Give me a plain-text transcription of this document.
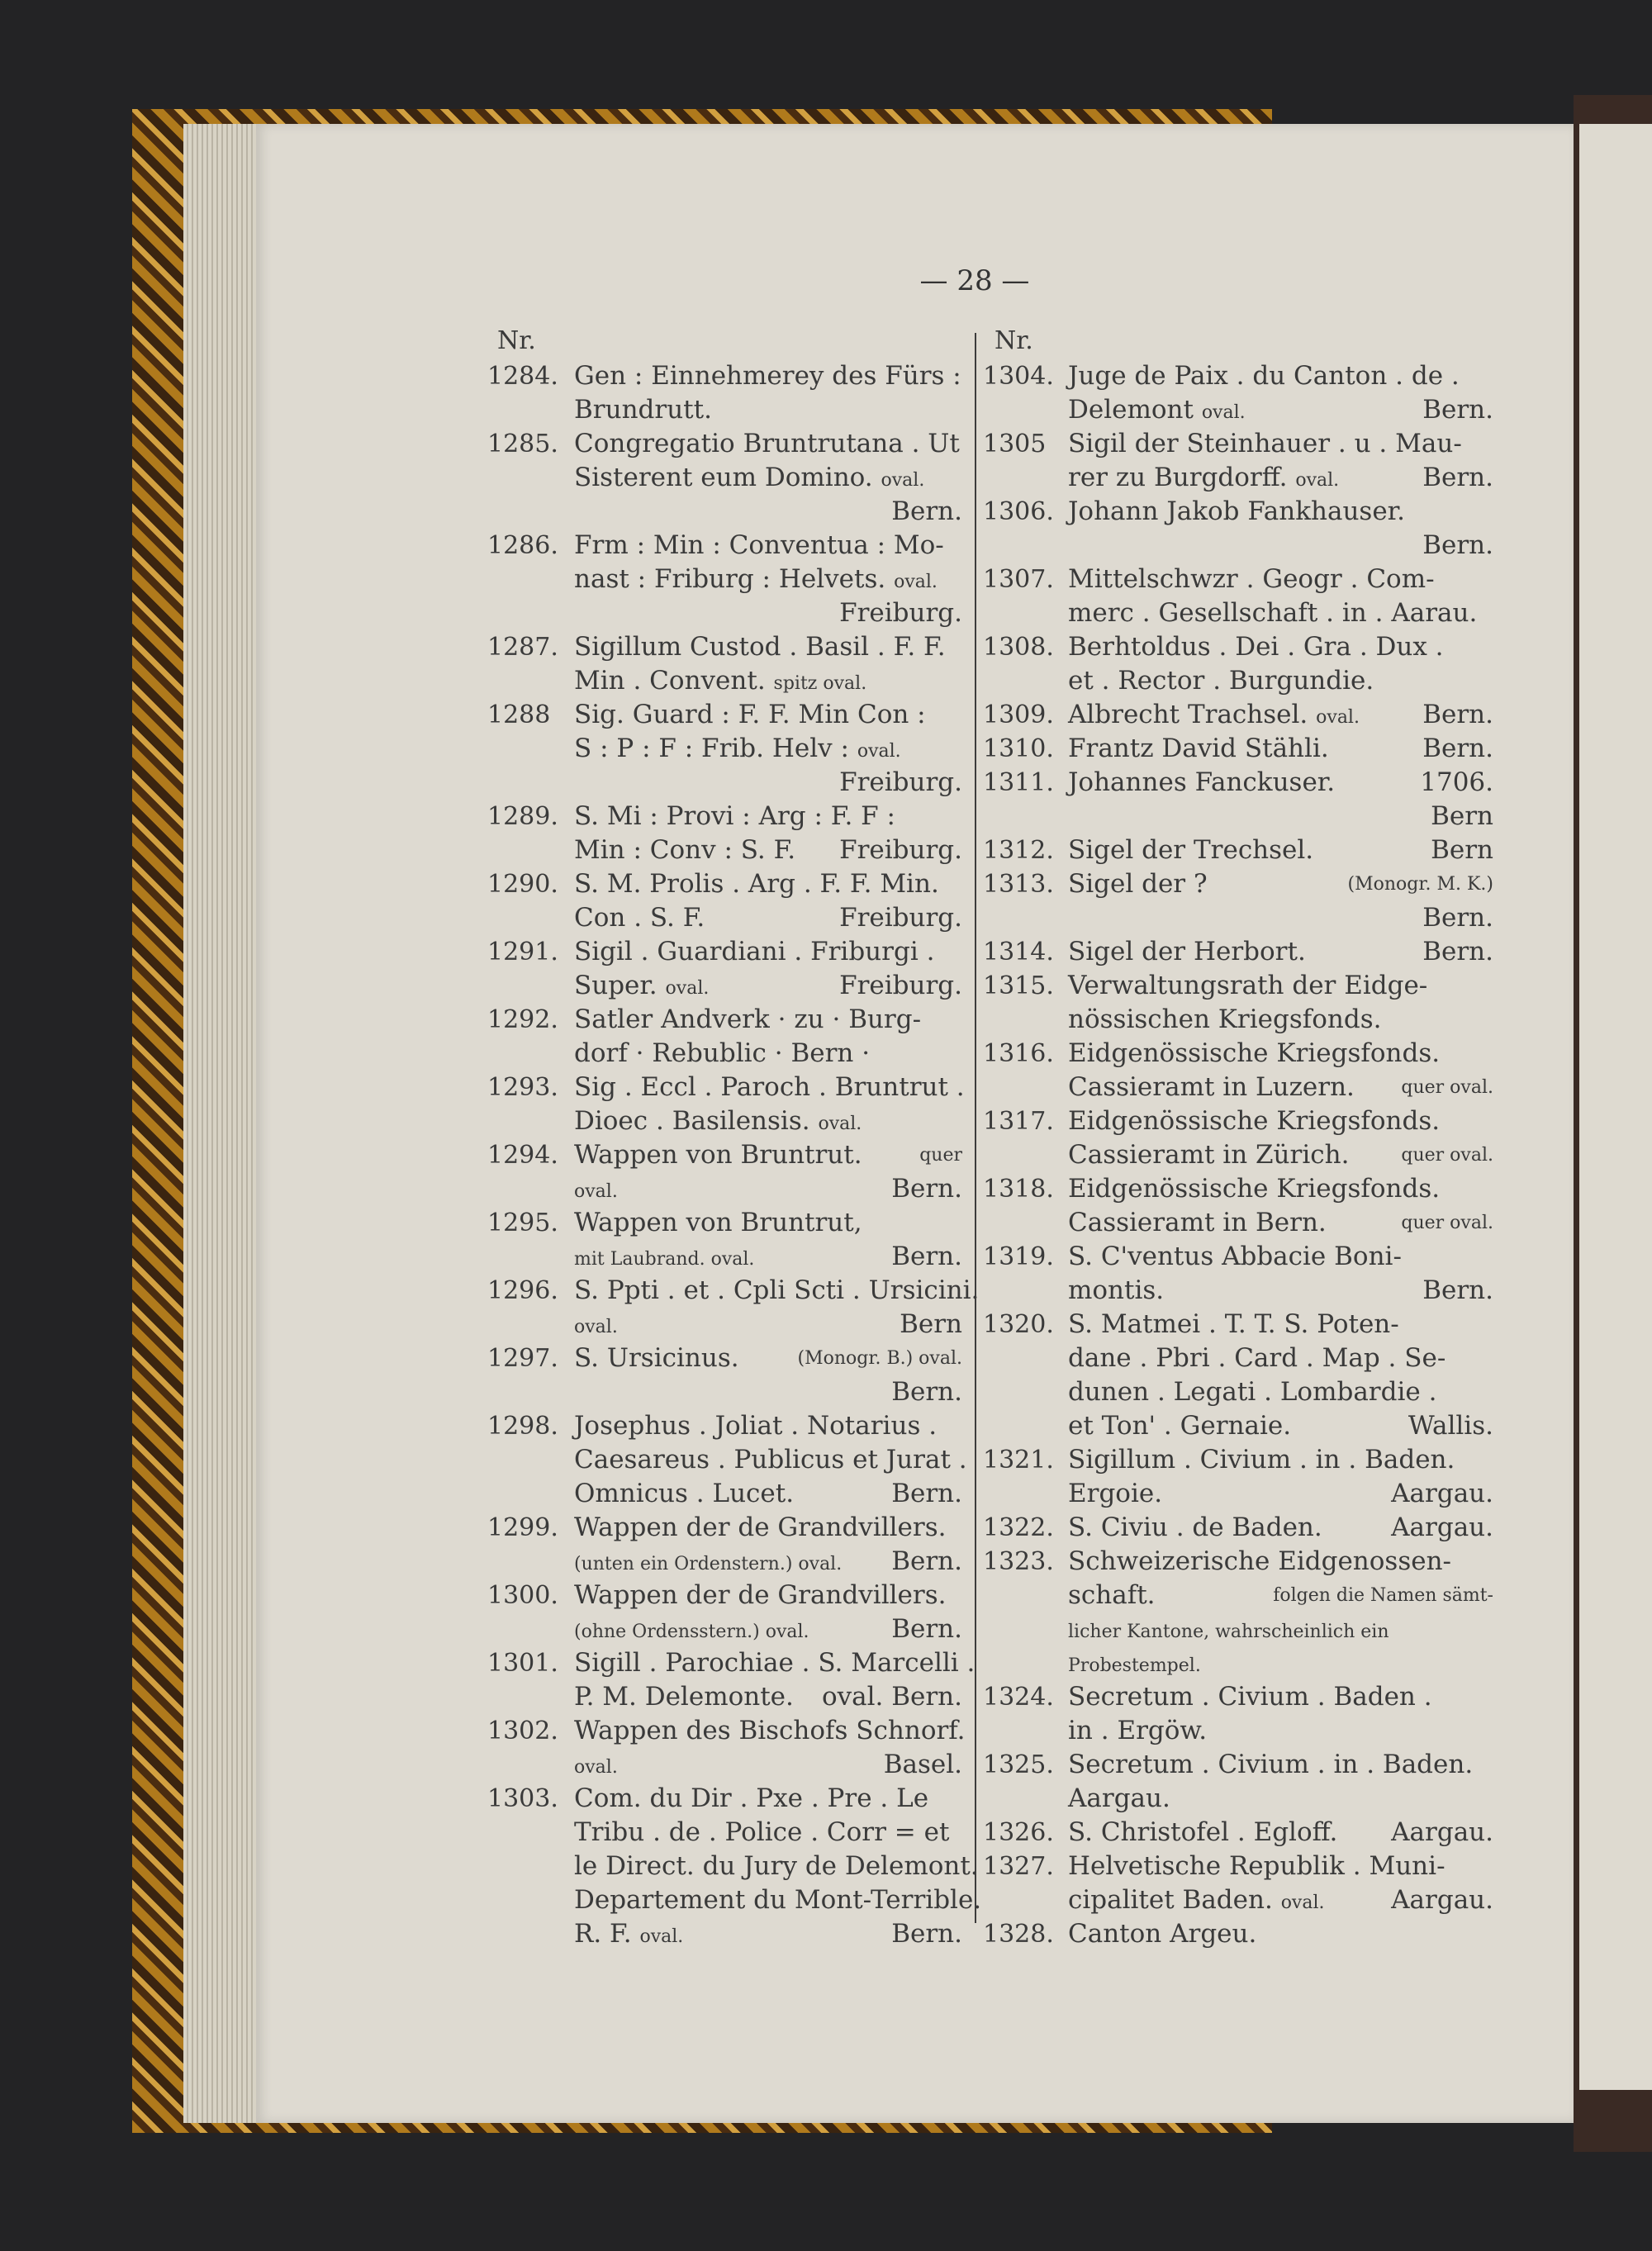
— 28 —
Nr.
1284. Gen : Einnehmerey des Fürs :
Brundrutt.
1285. Congregatio Bruntrutana . Ut
Sisterent eum Domino. oval.
Bern.
1286. Frm : Min : Conventua : Mo-
nast : Friburg : Helvets. oval.
Freiburg.
1287. Sigillum Custod . Basil . F. F.
Min . Convent. spitz oval.
1288 Sig. Guard : F. F. Min Con :
S : P : F : Frib. Helv : oval.
Freiburg.
1289. S. Mi : Provi : Arg : F. F :
Min : Conv : S. F. Freiburg.
1290. S. M. Prolis . Arg . F. F. Min.
Con . S. F.	Freiburg.
1291. Sigil . Guardiani . Friburgi .
Super. oval.	Freiburg.
1292. Satler Andverk · zu · Burg-
dorf · Rebublic · Bern ·
1293. Sig . Eccl . Paroch . Bruntrut .
Dioec . Basilensis. oval.
1294. Wappen von Bruntrut.	quer
oval.	Bern.
1295. Wappen von Bruntrut,
mit Laubrand. oval.	Bern.
1296. S. Ppti . et . Cpli Scti . Ursicini.
oval.	Bern
1297. S. Ursicinus.	(Monogr. B.) oval.
Bern.
1298. Josephus . Joliat . Notarius .
Caesareus . Publicus et Jurat .
Omnicus . Lucet.	Bern.
1299. Wappen der de Grandvillers.
(unten ein Ordenstern.) oval. Bern.
1300. Wappen der de Grandvillers.
(ohne Ordensstern.) oval.	Bern.
1301. Sigill . Parochiae . S. Marcelli .
P. M. Delemonte. oval. Bern.
1302. Wappen des Bischofs Schnorf.
oval.	Basel.
1303. Com. du Dir . Pxe . Pre . Le
Tribu . de . Police . Corr = et
le Direct. du Jury de Delemont.
Departement du Mont-Terrible.
R. F. oval.	Bern.
Nr.
1304. Juge de Paix . du Canton . de .
Delemont oval.	Bern.
1305 Sigil der Steinhauer . u . Mau-
rer zu Burgdorff. oval.	Bern.
1306. Johann Jakob Fankhauser.
Bern.
1307. Mittelschwzr . Geogr . Com-
merc . Gesellschaft . in . Aarau.
1308. Berhtoldus . Dei . Gra . Dux .
et . Rector . Burgundie.
1309. Albrecht Trachsel. oval. Bern.
1310. Frantz David Stähli.	Bern.
1311. Johannes Fanckuser.	1706.
Bern
1312. Sigel der Trechsel.	Bern
1313. Sigel der ?	(Monogr. M. K.)
Bern.
1314. Sigel der Herbort.	Bern.
1315. Verwaltungsrath der Eidge-
nössischen Kriegsfonds.
1316. Eidgenössische Kriegsfonds.
Cassieramt in Luzern.	quer oval.
1317. Eidgenössische Kriegsfonds.
Cassieramt in Zürich.	quer oval.
1318. Eidgenössische Kriegsfonds.
Cassieramt in Bern.	quer oval.
1319. S. C'ventus Abbacie Boni-
montis.	Bern.
1320. S. Matmei . T. T. S. Poten-
dane . Pbri . Card . Map . Se-
dunen . Legati . Lombardie .
et Ton' . Gernaie.	Wallis.
1321. Sigillum . Civium . in . Baden.
Ergoie.	Aargau.
1322. S. Civiu . de Baden.	Aargau.
1323. Schweizerische Eidgenossen-
schaft.	folgen die Namen sämt-
licher Kantone, wahrscheinlich ein
Probestempel.
1324. Secretum . Civium . Baden .
in . Ergöw.
1325. Secretum . Civium . in . Baden.
Aargau.
1326. S. Christofel . Egloff. Aargau.
1327. Helvetische Republik . Muni-
cipalitet Baden. oval.	Aargau.
1328. Canton Argeu.
